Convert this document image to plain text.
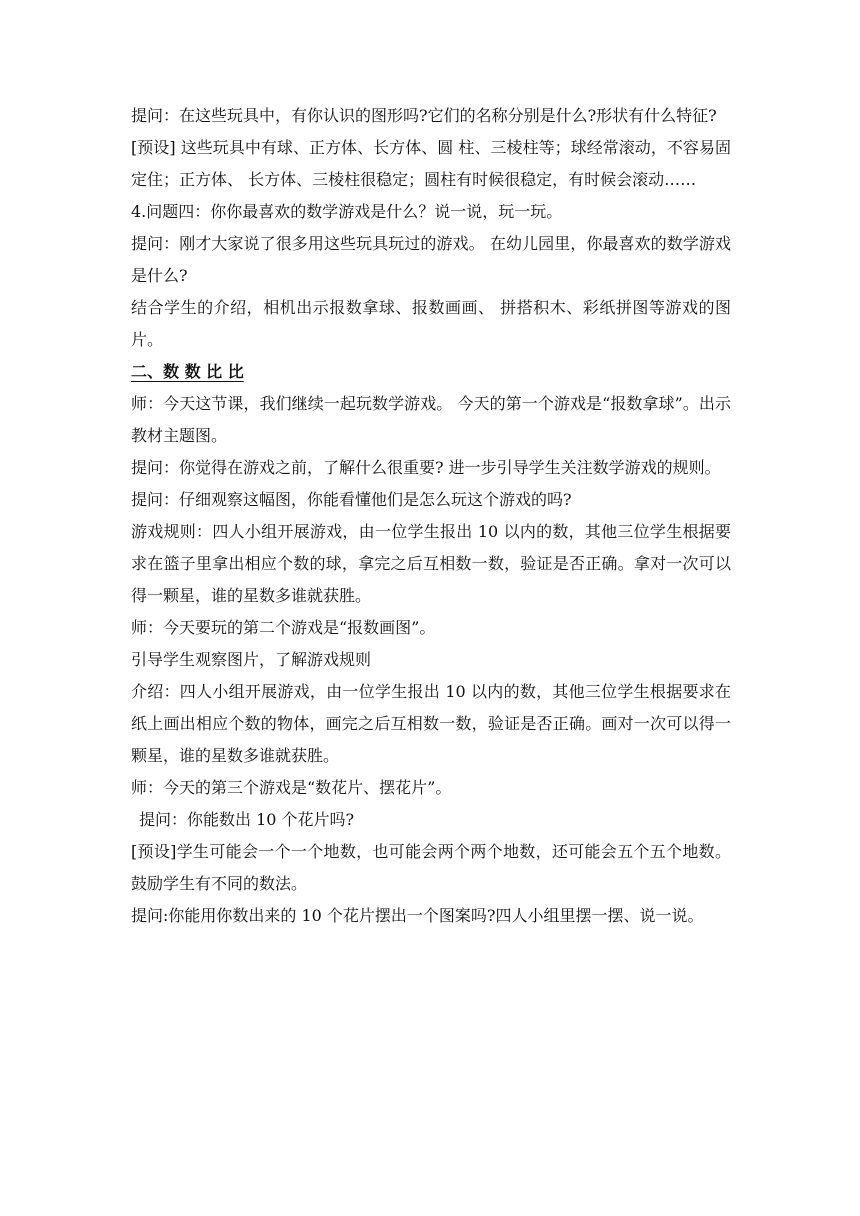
提问：在这些玩具中，有你认识的图形吗?它们的名称分别是什么?形状有什么特征?

[预设] 这些玩具中有球、正方体、长方体、圆 柱、三棱柱等；球经常滚动，不容易固定住；正方体、 长方体、三棱柱很稳定；圆柱有时候很稳定，有时候会滚动……

4.问题四：你你最喜欢的数学游戏是什么？说一说，玩一玩。

提问：刚才大家说了很多用这些玩具玩过的游戏。 在幼儿园里，你最喜欢的数学游戏是什么?

结合学生的介绍，相机出示报数拿球、报数画画、 拼搭积木、彩纸拼图等游戏的图片。

二、数 数 比 比

师：今天这节课，我们继续一起玩数学游戏。 今天的第一个游戏是“报数拿球”。出示教材主题图。

提问：你觉得在游戏之前，了解什么很重要? 进一步引导学生关注数学游戏的规则。

提问：仔细观察这幅图，你能看懂他们是怎么玩这个游戏的吗?

游戏规则：四人小组开展游戏，由一位学生报出 10 以内的数，其他三位学生根据要求在篮子里拿出相应个数的球，拿完之后互相数一数，验证是否正确。拿对一次可以得一颗星，谁的星数多谁就获胜。

师：今天要玩的第二个游戏是“报数画图”。

引导学生观察图片，了解游戏规则

介绍：四人小组开展游戏，由一位学生报出 10 以内的数，其他三位学生根据要求在纸上画出相应个数的物体，画完之后互相数一数，验证是否正确。画对一次可以得一颗星，谁的星数多谁就获胜。

师：今天的第三个游戏是“数花片、摆花片”。

提问：你能数出 10 个花片吗?

[预设]学生可能会一个一个地数，也可能会两个两个地数，还可能会五个五个地数。鼓励学生有不同的数法。

提问:你能用你数出来的 10 个花片摆出一个图案吗?四人小组里摆一摆、说一说。
